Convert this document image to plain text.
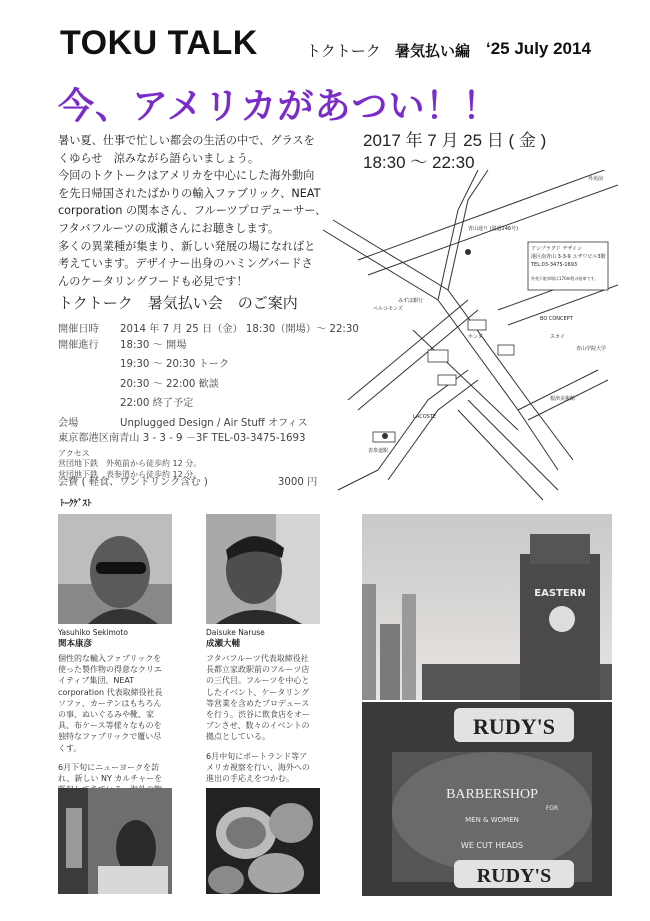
TOKU TALK	トクトーク 暑気払い編 ‘25 July 2014
今、アメリカがあつい！！

暑い夏、仕事で忙しい都会の生活の中で、グラスを

くゆらせ　涼みながら語らいましょう。

今回のトクトークはアメリカを中心にした海外動向

を先日帰国されたばかりの輸入ファブリック、NEAT

corporation の関本さん、フルーツプロデューサー、

フタバフルーツの成瀬さんにお聴きします。

多くの異業種が集まり、新しい発展の場になればと

考えています。デザイナー出身のハミングバードさ

んのケータリングフードも必見です！

2017 年 7 月 25 日 ( 金 )
18:30 ～ 22:30
アンプラグド デザイン
港区南青山 3-3-9 ユザワビル3階
TEL:03-3475-1693
外苑下駐車場は170m程の駐車です。
外苑前
青山通り (国道246号)
ベルコモンズ
みずほ銀行
ホンダ
BO CONCEPT
LACOSTE
表参道駅
青山学院大学
根津美術館
スカイ
トクトーク　暑気払い会　のご案内
開催日時	2014 年 7 月 25 日（金） 18:30（開場）～ 22:30
開催進行	18:30 ～ 開場
19:30 ～ 20:30 トーク
20:30 ～ 22:00 歓談
22:00 終了予定
会場	Unplugged Design / Air Stuff オフィス
東京都港区南青山 3 - 3 - 9 －3F TEL-03-3475-1693
アクセス
営団地下鉄　外苑前から徒歩約 12 分。
営団地下鉄　表参道から徒歩約 12 分。
会費 ( 軽食、ワンドリンク含む )	3000 円
ﾄｰｸｹﾞｽﾄ
Yasuhiko Sekimoto
関本康彦

個性的な輸入ファブリックを使った製作物の得意なクリエイティブ集団、NEAT corporation 代表取締役社長ソファ、カーテンはもちろんの事、ぬいぐるみや靴、家具、布ケース等様々なものを独特なファブリックで覆い尽くす。

6月下旬にニューヨークを訪れ、新しい NY カルチャーを

Daisuke Naruse
成瀬大輔

フタバフルーツ代表取締役社長都立家政駅前のフルーツ店の三代目。フルーツを中心としたイベント、ケータリング等営業を含めたプロデュースを行う。渋谷に飲食店をオープンさせ、数々のイベントの拠点としている。

6月中旬にポートランド等アメリカ視察を行い、海外への進出の手応えをつかむ。

EASTERN
RUDY'S
BARBERSHOP
FOR
MEN & WOMEN
WE CUT HEADS
RUDY'S
